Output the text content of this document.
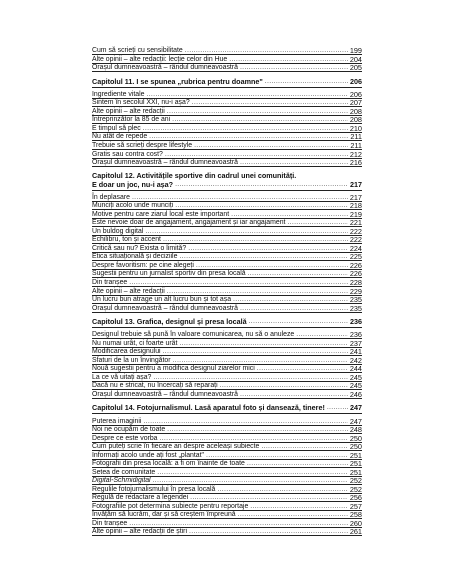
Cum să scrieți cu sensibilitate .....	199
Alte opinii – alte redacții: lecție celor din Hue .....	204
Orașul dumneavoastră – rândul dumneavoastră .....	205
Capitolul 11. I se spunea „rubrica pentru doamne" .....	206
Ingrediente vitale .....	206
Sintem în secolul XXI, nu-i așa? .....	207
Alte opinii – alte redacții .....	208
Întreprinzător la 85 de ani .....	208
E timpul să plec .....	210
Nu atât de repede .....	211
Trebuie să scrieți despre lifestyle .....	211
Gratis sau contra cost? .....	212
Orașul dumneavoastră – rândul dumneavoastră .....	216
Capitolul 12. Activitățile sportive din cadrul unei comunități.
E doar un joc, nu-i așa? .....	217
În deplasare .....	217
Munciți acolo unde munciți .....	218
Motive pentru care ziarul local este important .....	219
Este nevoie doar de angajament, angajament și iar angajament .....	221
Un buldog digital .....	222
Echilibru, ton și accent .....	222
Critică sau nu? Exista o limită? .....	224
Etica situațională și deciziile .....	225
Despre favoritism: pe cine alegeți .....	226
Sugestii pentru un jurnalist sportiv din presa locală .....	226
Din tranșee .....	228
Alte opinii – alte redacții .....	229
Un lucru bun atrage un alt lucru bun și tot așa .....	235
Orașul dumneavoastră – rândul dumneavoastră .....	235
Capitolul 13. Grafica, designul și presa locală .....	236
Designul trebuie să pună în valoare comunicarea, nu să o anuleze .....	236
Nu numai urât, ci foarte urât .....	237
Modificarea designului .....	241
Sfaturi de la un învingător .....	242
Nouă sugestii pentru a modifica designul ziarelor mici .....	244
La ce vă uitați așa? .....	245
Dacă nu e stricat, nu încercați să reparați .....	245
Orașul dumneavoastră – rândul dumneavoastră .....	246
Capitolul 14. Fotojurnalismul. Lasă aparatul foto și dansează, tinere! .....	247
Puterea imaginii .....	247
Noi ne ocupăm de toate .....	248
Despre ce este vorba .....	250
Cum puteți scrie în fiecare an despre aceleași subiecte .....	250
Informați acolo unde ați fost „plantat" .....	251
Fotografii din presa locală: a fi om înainte de toate .....	251
Setea de comunitate .....	251
Digital-Schmidigital .....	252
Regulile fotojurnalismului în presa locală .....	252
Regulă de redactare a legendei .....	256
Fotografiile pot determina subiecte pentru reportaje .....	257
Învățăm să lucrăm, dar și să creștem împreună .....	258
Din tranșee .....	260
Alte opinii – alte redacții de știri .....	261
